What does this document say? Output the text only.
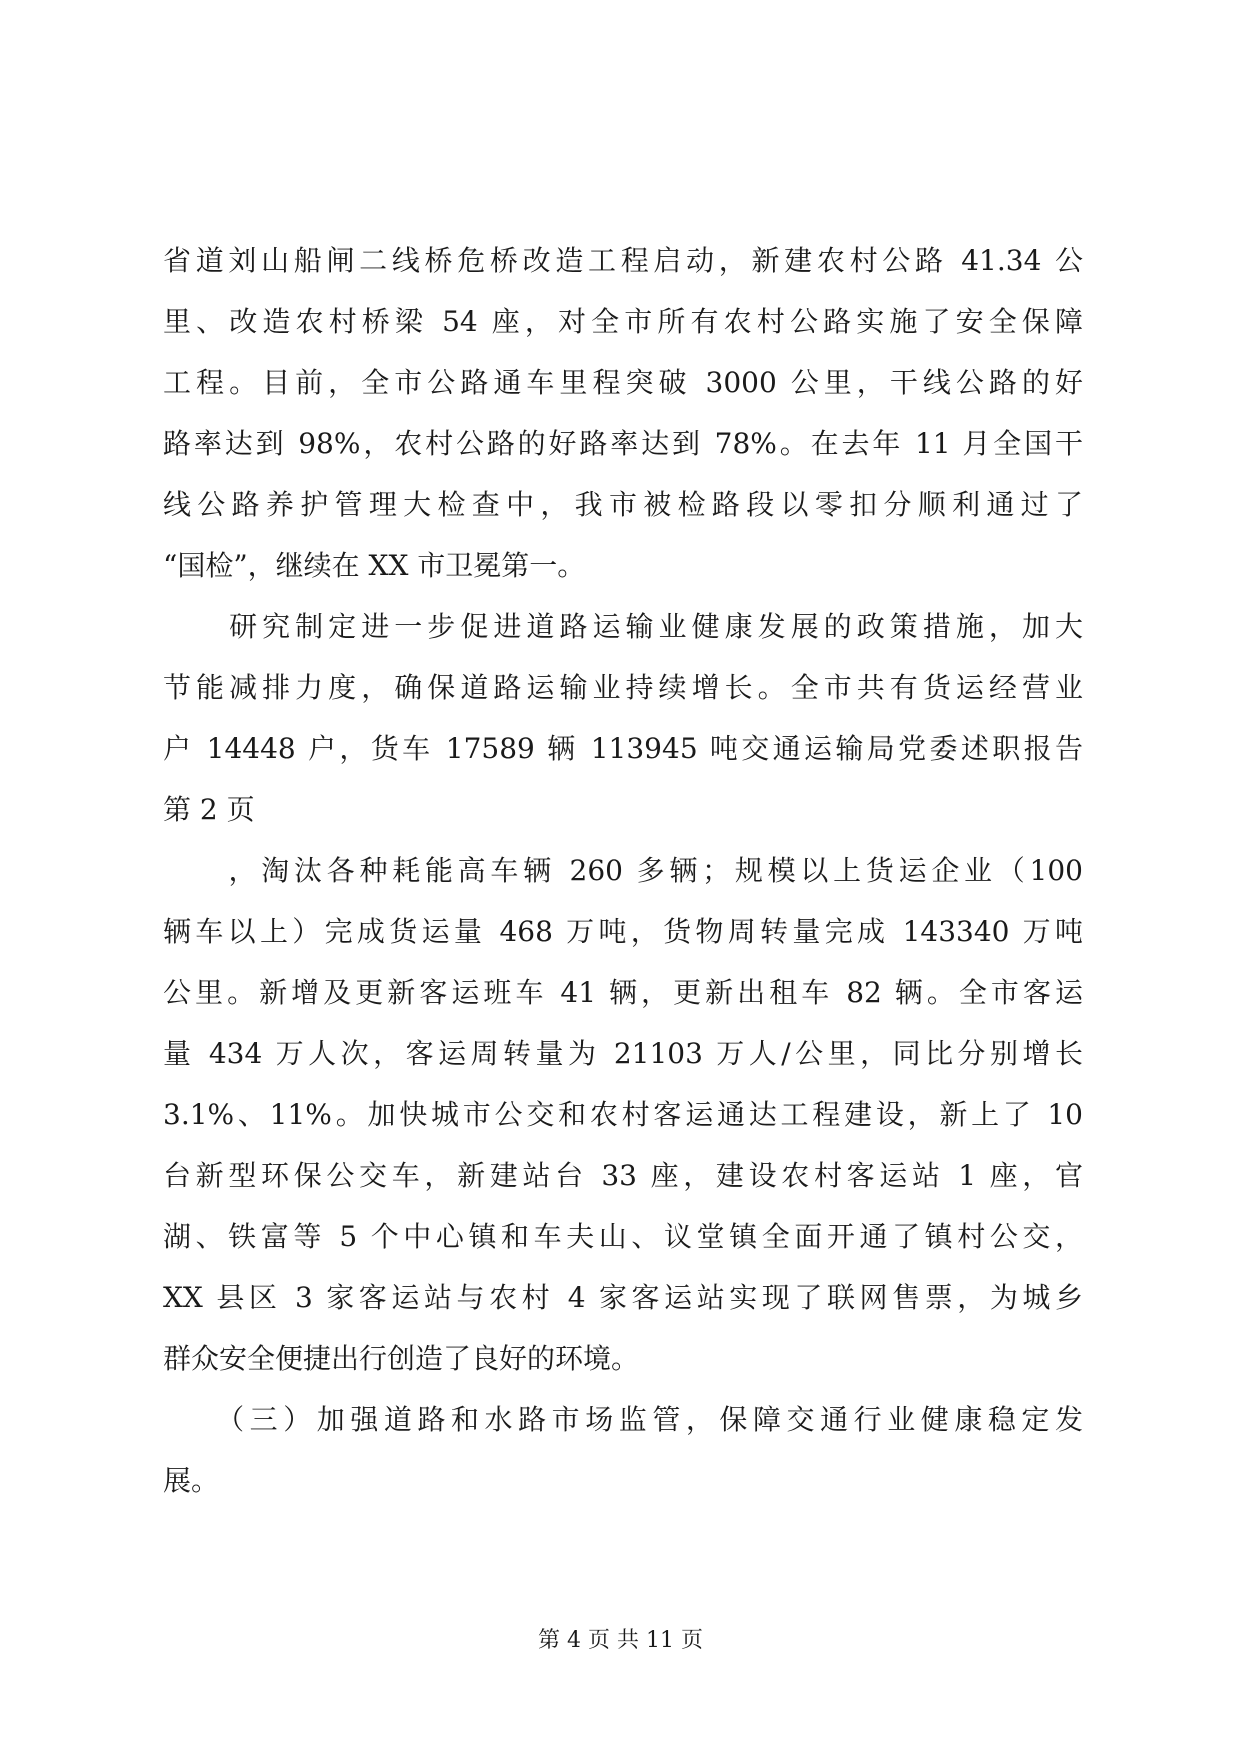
省道刘山船闸二线桥危桥改造工程启动，新建农村公路 41.34 公
里、改造农村桥梁 54 座，对全市所有农村公路实施了安全保障
工程。目前，全市公路通车里程突破 3000 公里，干线公路的好
路率达到 98%，农村公路的好路率达到 78%。在去年 11 月全国干
线公路养护管理大检查中，我市被检路段以零扣分顺利通过了
“国检”，继续在 XX 市卫冕第一。
　　研究制定进一步促进道路运输业健康发展的政策措施，加大
节能减排力度，确保道路运输业持续增长。全市共有货运经营业
户 14448 户，货车 17589 辆 113945 吨交通运输局党委述职报告
第 2 页
　　，淘汰各种耗能高车辆 260 多辆；规模以上货运企业（100
辆车以上）完成货运量 468 万吨，货物周转量完成 143340 万吨
公里。新增及更新客运班车 41 辆，更新出租车 82 辆。全市客运
量 434 万人次，客运周转量为 21103 万人/公里，同比分别增长
3.1%、11%。加快城市公交和农村客运通达工程建设，新上了 10
台新型环保公交车，新建站台 33 座，建设农村客运站 1 座，官
湖、铁富等 5 个中心镇和车夫山、议堂镇全面开通了镇村公交，
XX 县区 3 家客运站与农村 4 家客运站实现了联网售票，为城乡
群众安全便捷出行创造了良好的环境。
　　（三）加强道路和水路市场监管，保障交通行业健康稳定发
展。
第 4 页 共 11 页
